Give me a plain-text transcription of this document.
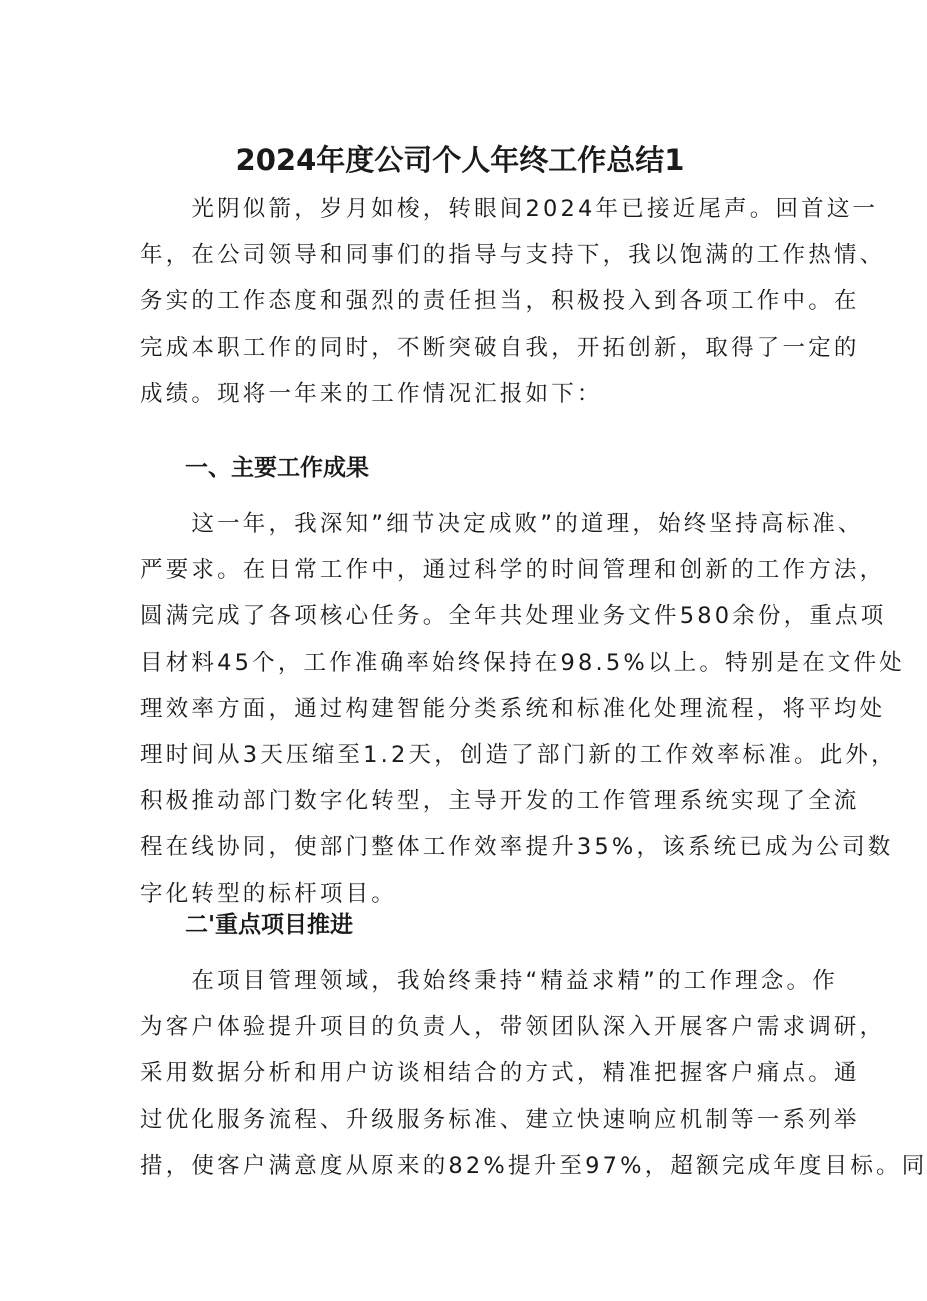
2024年度公司个人年终工作总结1
　　光阴似箭，岁月如梭，转眼间2024年已接近尾声。回首这一
年，在公司领导和同事们的指导与支持下，我以饱满的工作热情、
务实的工作态度和强烈的责任担当，积极投入到各项工作中。在
完成本职工作的同时，不断突破自我，开拓创新，取得了一定的
成绩。现将一年来的工作情况汇报如下：
一、主要工作成果
　　这一年，我深知”细节决定成败”的道理，始终坚持高标准、
严要求。在日常工作中，通过科学的时间管理和创新的工作方法，
圆满完成了各项核心任务。全年共处理业务文件580余份，重点项
目材料45个，工作准确率始终保持在98.5%以上。特别是在文件处
理效率方面，通过构建智能分类系统和标准化处理流程，将平均处
理时间从3天压缩至1.2天，创造了部门新的工作效率标准。此外，
积极推动部门数字化转型，主导开发的工作管理系统实现了全流
程在线协同，使部门整体工作效率提升35%，该系统已成为公司数
字化转型的标杆项目。
二'重点项目推进
　　在项目管理领域，我始终秉持“精益求精”的工作理念。作
为客户体验提升项目的负责人，带领团队深入开展客户需求调研，
采用数据分析和用户访谈相结合的方式，精准把握客户痛点。通
过优化服务流程、升级服务标准、建立快速响应机制等一系列举
措，使客户满意度从原来的82%提升至97%，超额完成年度目标。同
